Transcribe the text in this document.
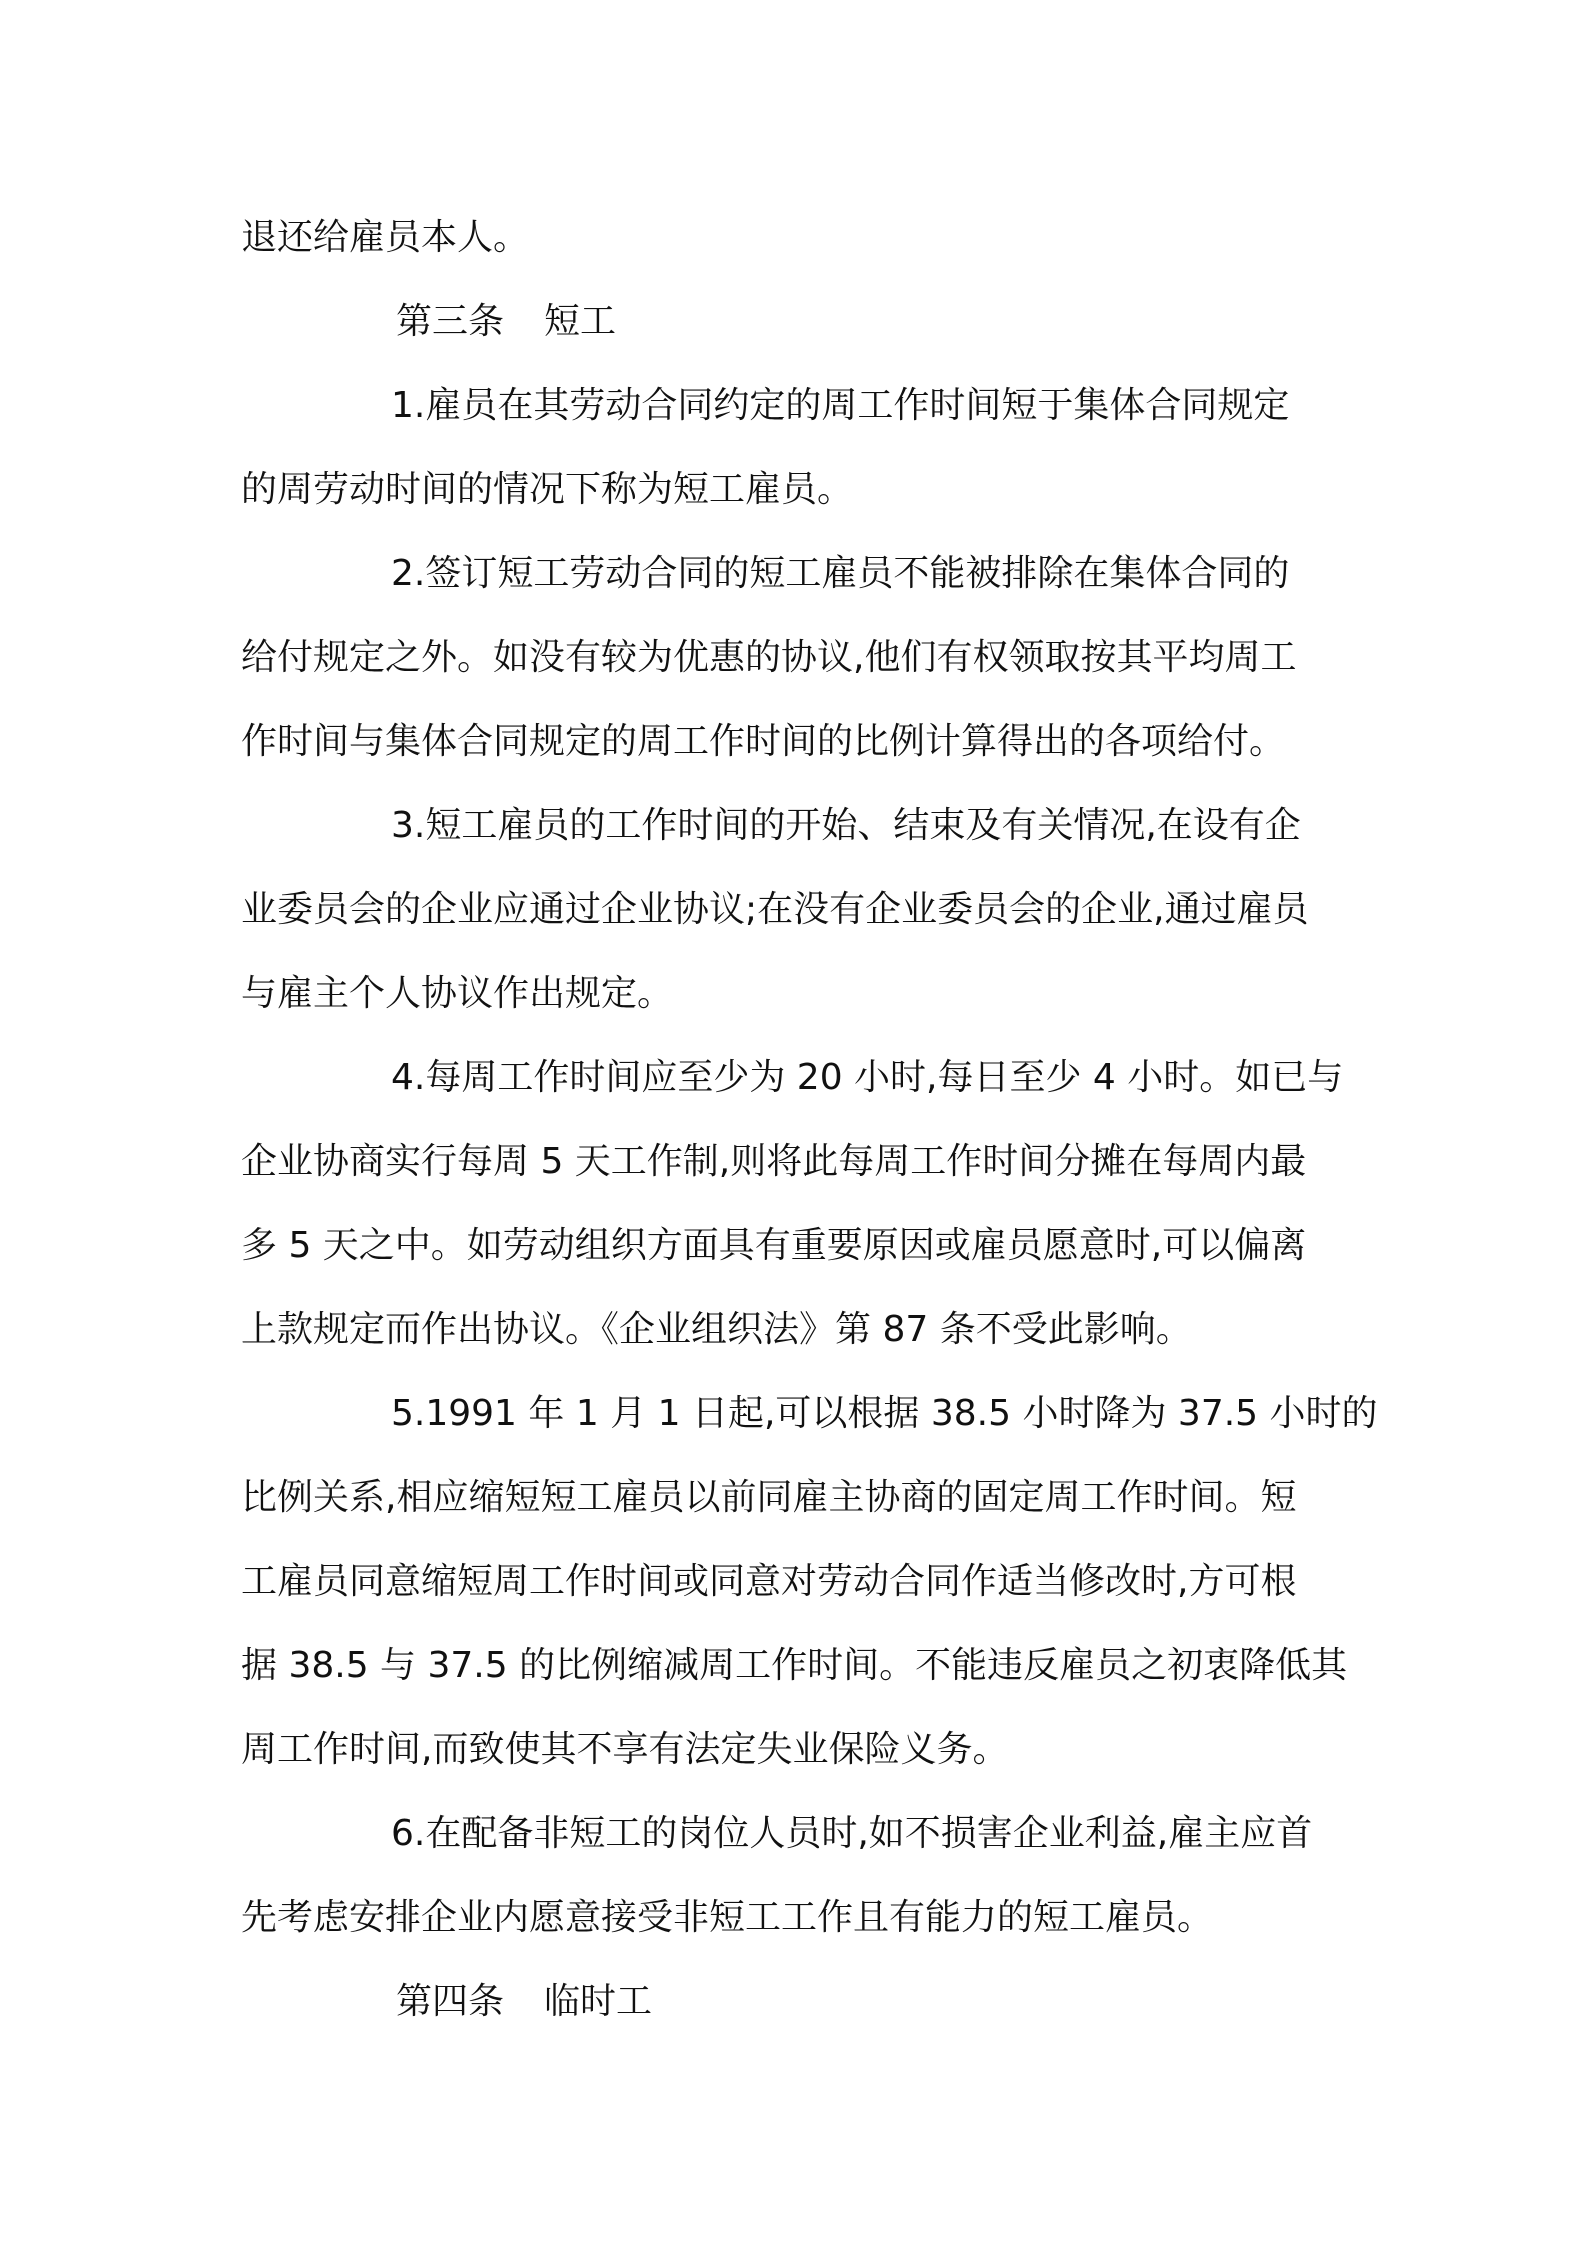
退还给雇员本人。
第三条 短工
1.雇员在其劳动合同约定的周工作时间短于集体合同规定
的周劳动时间的情况下称为短工雇员。
2.签订短工劳动合同的短工雇员不能被排除在集体合同的
给付规定之外。如没有较为优惠的协议,他们有权领取按其平均周工
作时间与集体合同规定的周工作时间的比例计算得出的各项给付。
3.短工雇员的工作时间的开始、结束及有关情况,在设有企
业委员会的企业应通过企业协议;在没有企业委员会的企业,通过雇员
与雇主个人协议作出规定。
4.每周工作时间应至少为 20 小时,每日至少 4 小时。如已与
企业协商实行每周 5 天工作制,则将此每周工作时间分摊在每周内最
多 5 天之中。如劳动组织方面具有重要原因或雇员愿意时,可以偏离
上款规定而作出协议。《企业组织法》第 87 条不受此影响。
5.1991 年 1 月 1 日起,可以根据 38.5 小时降为 37.5 小时的
比例关系,相应缩短短工雇员以前同雇主协商的固定周工作时间。短
工雇员同意缩短周工作时间或同意对劳动合同作适当修改时,方可根
据 38.5 与 37.5 的比例缩减周工作时间。不能违反雇员之初衷降低其
周工作时间,而致使其不享有法定失业保险义务。
6.在配备非短工的岗位人员时,如不损害企业利益,雇主应首
先考虑安排企业内愿意接受非短工工作且有能力的短工雇员。
第四条 临时工
